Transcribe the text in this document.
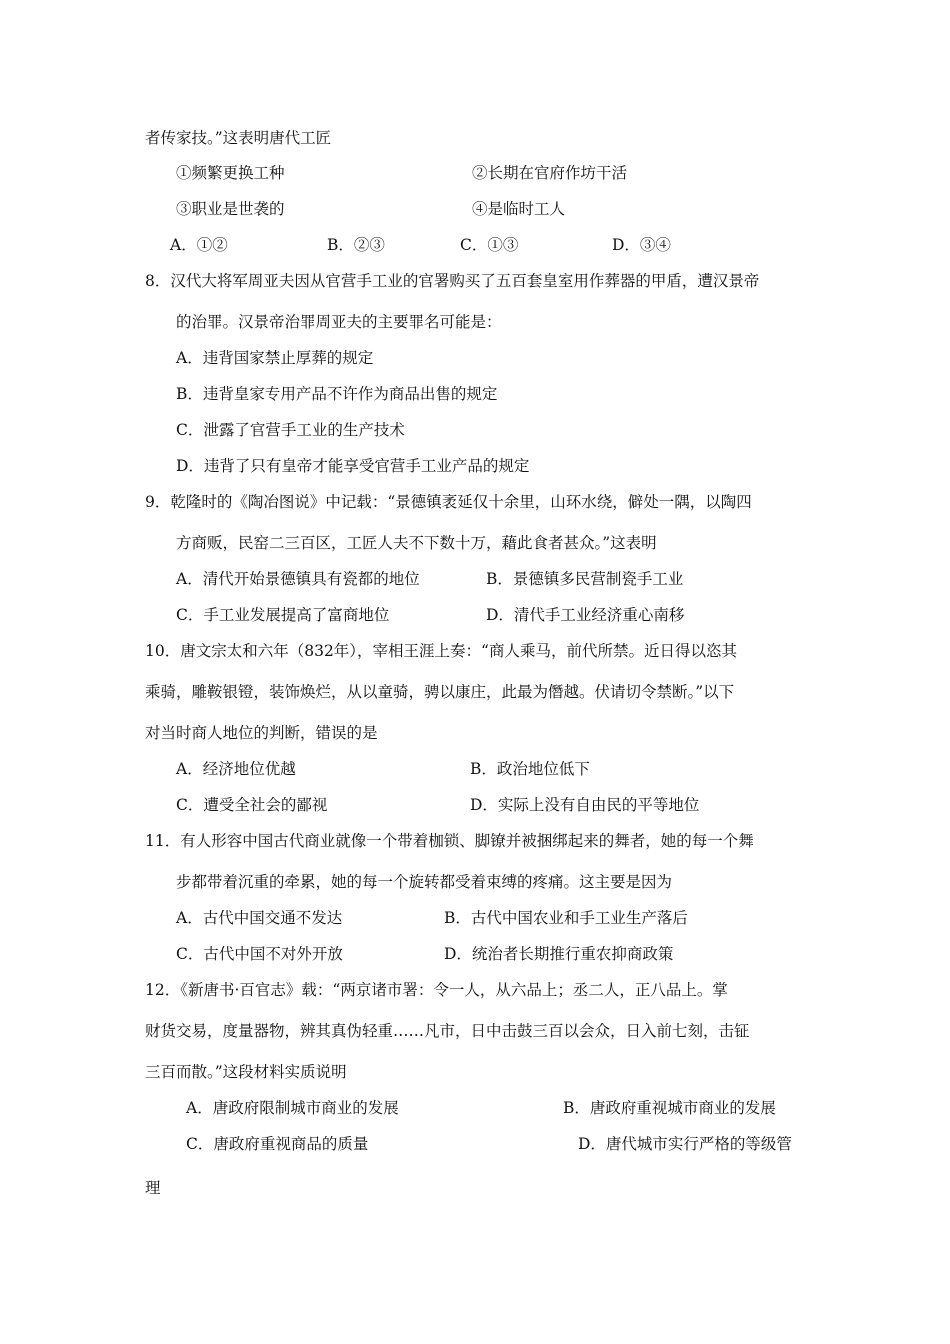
者传家技。”这表明唐代工匠
①频繁更换工种	②长期在官府作坊干活
③职业是世袭的	④是临时工人
A．①②	B．②③	C．①③	D．③④
8．汉代大将军周亚夫因从官营手工业的官署购买了五百套皇室用作葬器的甲盾，遭汉景帝
的治罪。汉景帝治罪周亚夫的主要罪名可能是：
A．违背国家禁止厚葬的规定
B．违背皇家专用产品不许作为商品出售的规定
C．泄露了官营手工业的生产技术
D．违背了只有皇帝才能享受官营手工业产品的规定
9．乾隆时的《陶冶图说》中记载：“景德镇袤延仅十余里，山环水绕，僻处一隅，以陶四
方商贩，民窑二三百区，工匠人夫不下数十万，藉此食者甚众。”这表明
A．清代开始景德镇具有瓷都的地位	B．景德镇多民营制瓷手工业
C．手工业发展提高了富商地位	D．清代手工业经济重心南移
10．唐文宗太和六年（832年），宰相王涯上奏：“商人乘马，前代所禁。近日得以恣其
乘骑，雕鞍银镫，装饰焕烂，从以童骑，骋以康庄，此最为僭越。伏请切令禁断。”以下
对当时商人地位的判断，错误的是
A．经济地位优越	B．政治地位低下
C．遭受全社会的鄙视	D．实际上没有自由民的平等地位
11．有人形容中国古代商业就像一个带着枷锁、脚镣并被捆绑起来的舞者，她的每一个舞
步都带着沉重的牵累，她的每一个旋转都受着束缚的疼痛。这主要是因为
A．古代中国交通不发达	B．古代中国农业和手工业生产落后
C．古代中国不对外开放	D．统治者长期推行重农抑商政策
12．《新唐书·百官志》载：“两京诸市署：令一人，从六品上；丞二人，正八品上。掌
财货交易，度量器物，辨其真伪轻重……凡市，日中击鼓三百以会众，日入前七刻，击钲
三百而散。”这段材料实质说明
A．唐政府限制城市商业的发展	B．唐政府重视城市商业的发展
C．唐政府重视商品的质量	D．唐代城市实行严格的等级管
理
